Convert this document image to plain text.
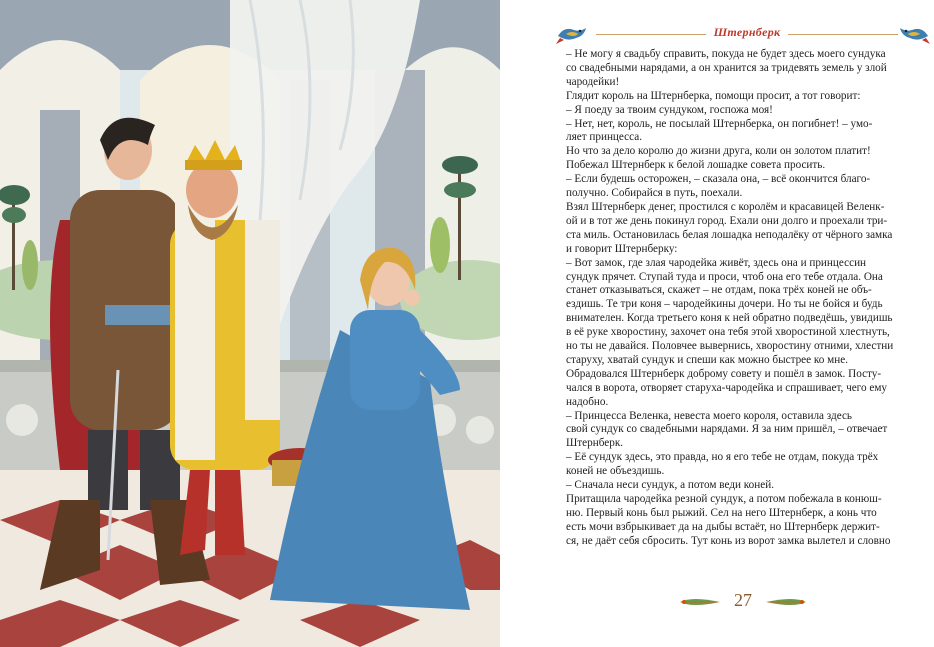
Штернберк

– Не могу я свадьбу справить, покуда не будет здесь моего сундука

со свадебными нарядами, а он хранится за тридевять земель у злой

чародейки!

Глядит король на Штернберка, помощи просит, а тот говорит:

– Я поеду за твоим сундуком, госпожа моя!

– Нет, нет, король, не посылай Штернберка, он погибнет! – умо-

ляет принцесса.

Но что за дело королю до жизни друга, коли он золотом платит!

Побежал Штернберк к белой лошадке совета просить.

– Если будешь осторожен, – сказала она, – всё окончится благо-

получно. Собирайся в путь, поехали.

Взял Штернберк денег, простился с королём и красавицей Веленк-

ой и в тот же день покинул город. Ехали они долго и проехали три-

ста миль. Остановилась белая лошадка неподалёку от чёрного замка

и говорит Штернберку:

– Вот замок, где злая чародейка живёт, здесь она и принцессин

сундук прячет. Ступай туда и проси, чтоб она его тебе отдала. Она

станет отказываться, скажет – не отдам, пока трёх коней не объ-

ездишь. Те три коня – чародейкины дочери. Но ты не бойся и будь

внимателен. Когда третьего коня к ней обратно подведёшь, увидишь

в её руке хворостину, захочет она тебя этой хворостиной хлестнуть,

но ты не давайся. Половчее вывернись, хворостину отними, хлестни

старуху, хватай сундук и спеши как можно быстрее ко мне.

Обрадовался Штернберк доброму совету и пошёл в замок. Посту-

чался в ворота, отворяет старуха-чародейка и спрашивает, чего ему

надобно.

– Принцесса Веленка, невеста моего короля, оставила здесь

свой сундук со свадебными нарядами. Я за ним пришёл, – отвечает

Штернберк.

– Её сундук здесь, это правда, но я его тебе не отдам, покуда трёх

коней не объездишь.

– Сначала неси сундук, а потом веди коней.

Притащила чародейка резной сундук, а потом побежала в конюш-

ню. Первый конь был рыжий. Сел на него Штернберк, а конь что

есть мочи взбрыкивает да на дыбы встаёт, но Штернберк держит-

ся, не даёт себя сбросить. Тут конь из ворот замка вылетел и словно

27
